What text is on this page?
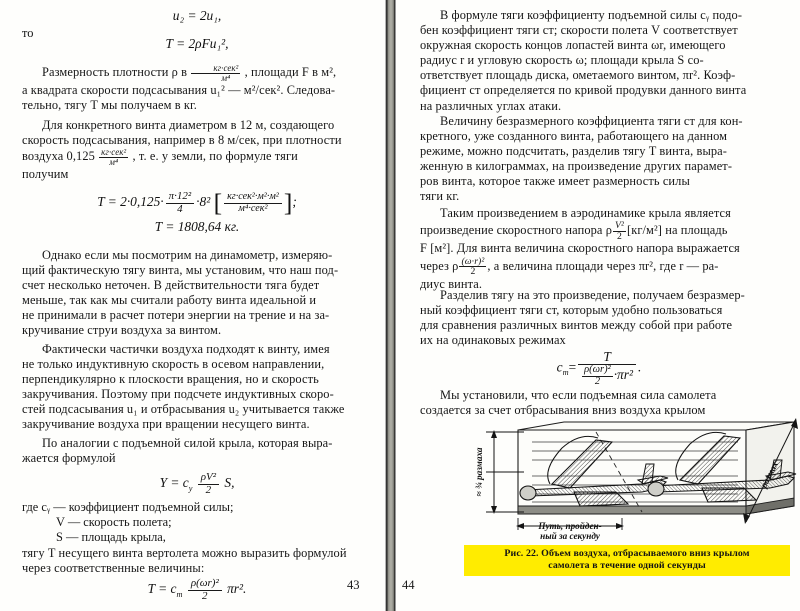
u₂ = 2u₁,
то
T = 2ρFu₁²,

Размерность плотности ρ в $\frac{\text{кг·сек²}}{\text{м⁴}}$ , площади F в м²,

а квадрата скорости подсасывания u₁² — м²/сек². Следова-

тельно, тягу T мы получаем в кг.

Для конкретного винта диаметром в 12 м, создающего

скорость подсасывания, например в 8 м/сек, при плотности

воздуха $0,125 \frac{\text{кг·сек²}}{\text{м⁴}}$ , т. е. у земли, по формуле тяги

получим

$T = 2\cdot 0,125\cdot \frac{\text{π·12²}}{4} \cdot 8^2$ [ $\frac{\text{кг·сек²·м²·м²}}{\text{м⁴·сек²}}$ ];
T = 1808,64 кг.

Однако если мы посмотрим на динамометр, измеряю-

щий фактическую тягу винта, мы установим, что наш под-

счет несколько неточен. В действительности тяга будет

меньше, так как мы считали работу винта идеальной и

не принимали в расчет потери энергии на трение и на за-

кручивание струи воздуха за винтом.

Фактически частички воздуха подходят к винту, имея

не только индуктивную скорость в осевом направлении,

перпендикулярно к плоскости вращения, но и скорость

закручивания. Поэтому при подсчете индуктивных скоро-

стей подсасывания u₁ и отбрасывания u₂ учитывается также

закручивание воздуха при вращении несущего винта.

По аналогии с подъемной силой крыла, которая выра-

жается формулой

$Y = c_y \frac{\text{ρV²}}{2} S$,
где cᵧ — коэффициент подъемной силы;
V — скорость полета;
S — площадь крыла,

тягу T несущего винта вертолета можно выразить формулой

через соответственные величины:

$T = c_т \frac{\text{ρ(ωr)²}}{2} \pi r^2$.	43

В формуле тяги коэффициенту подъемной силы cᵧ подо-

бен коэффициент тяги cт; скорости полета V соответствует

окружная скорость концов лопастей винта ωr, имеющего

радиус r и угловую скорость ω; площади крыла S со-

ответствует площадь диска, ометаемого винтом, πr². Коэф-

фициент cт определяется по кривой продувки данного винта

на различных углах атаки.

Величину безразмерного коэффициента тяги cт для кон-

кретного, уже созданного винта, работающего на данном

режиме, можно подсчитать, разделив тягу T винта, выра-

женную в килограммах, на произведение других парамет-

ров винта, которое также имеет размерность силы

тяги кг.

Таким произведением в аэродинамике крыла является

произведение скоростного напора ρ $\frac{\text{V²}}{2} [кг/м^2]$ на площадь

F [м²]. Для винта величина скоростного напора выражается

через ρ $\frac{\text{(ω·r)²}}{2}$ , а величина площади через πr², где r — ра-

диус винта.

Разделив тягу на это произведение, получаем безразмер-

ный коэффициент тяги cт, которым удобно пользоваться

для сравнения различных винтов между собой при работе

их на одинаковых режимах

$c_т= \frac{T}{\frac{\text{ρ(ωr)²}}{2} \cdot\pi r^2}$ .

Мы установили, что если подъемная сила самолета

создается за счет отбрасывания вниз воздуха крылом

≈ ¾ размаха	размах
Путь, пройден-
ный за секунду
Рис. 22. Объем воздуха, отбрасываемого вниз крылом
самолета в течение одной секунды
44
